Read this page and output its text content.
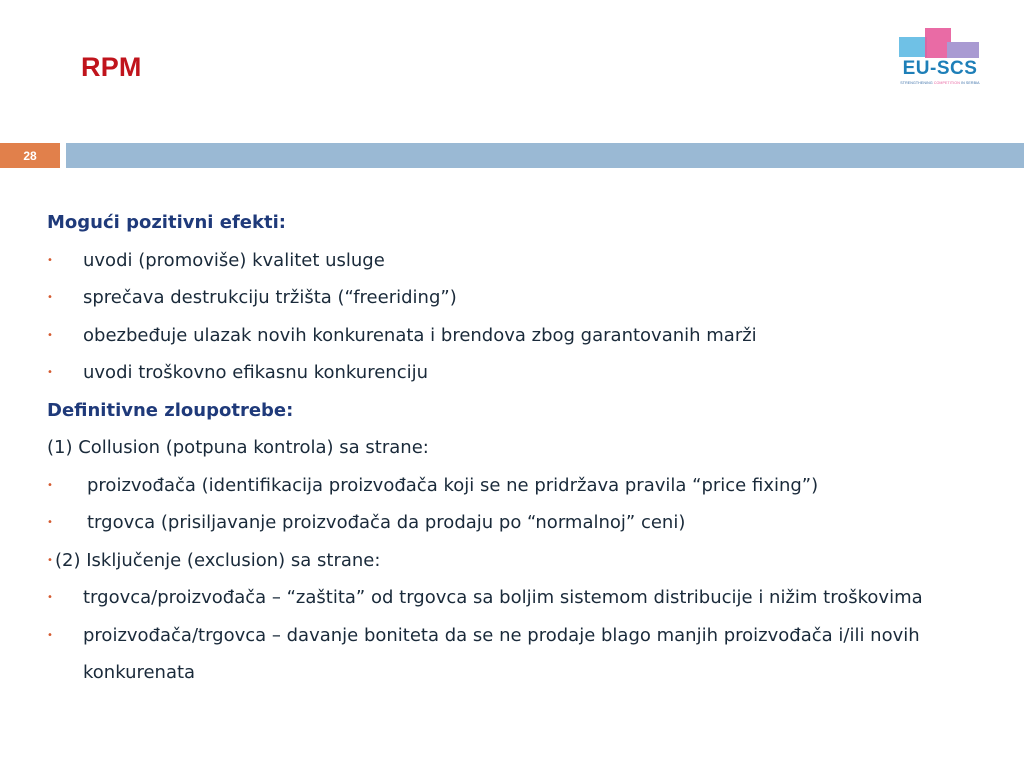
RPM	EU-SCS
STRENGTHENING COMPETITION IN SERBIA
28
Mogući pozitivni efekti:
•	uvodi (promoviše) kvalitet usluge
•	sprečava destrukciju tržišta (“freeriding”)
•	obezbeđuje ulazak novih konkurenata i brendova zbog garantovanih marži
•	uvodi troškovno efikasnu konkurenciju
Definitivne zloupotrebe:
(1) Collusion (potpuna kontrola) sa strane:
•	proizvođača (identifikacija proizvođača koji se ne pridržava pravila “price fixing”)
•	trgovca (prisiljavanje proizvođača da prodaju po “normalnoj” ceni)
• (2) Isključenje (exclusion) sa strane:
•	trgovca/proizvođača – “zaštita” od trgovca sa boljim sistemom distribucije i nižim troškovima
•	proizvođača/trgovca – davanje boniteta da se ne prodaje blago manjih proizvođača i/ili novih konkurenata
